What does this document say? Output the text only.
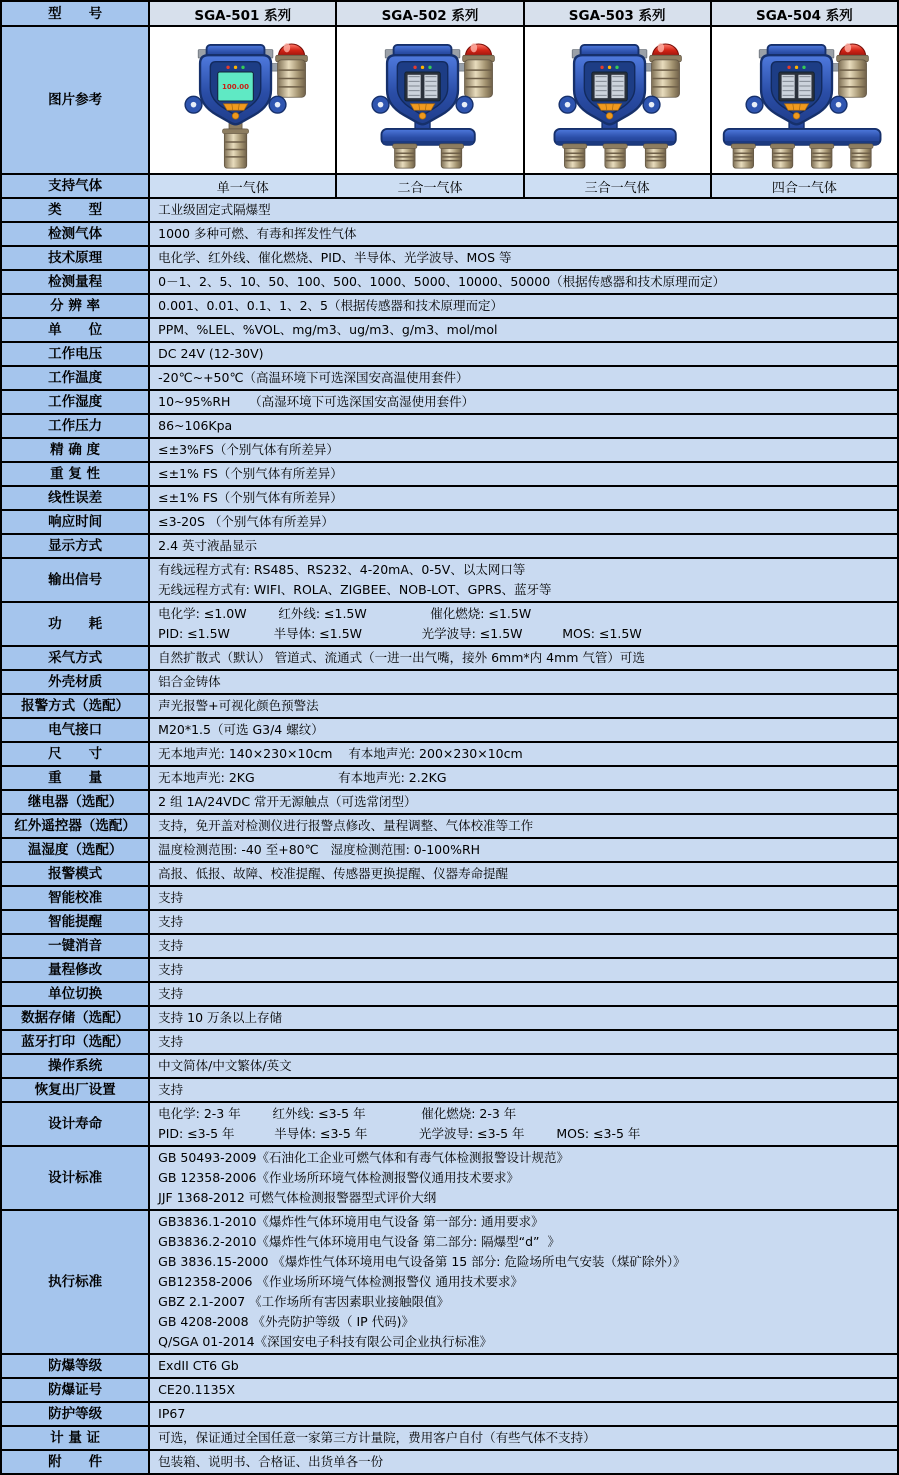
型　　号	SGA-501 系列	SGA-502 系列	SGA-503 系列	SGA-504 系列
图片参考	100.00

支持气体	单一气体	二合一气体	三合一气体	四合一气体
类　　型	工业级固定式隔爆型			

检测气体	1000 多种可燃、有毒和挥发性气体			

技术原理	电化学、红外线、催化燃烧、PID、半导体、光学波导、MOS 等			

检测量程	0－1、2、5、10、50、100、500、1000、5000、10000、50000（根据传感器和技术原理而定）			

分 辨 率	0.001、0.01、0.1、1、2、5（根据传感器和技术原理而定）			

单　　位	PPM、%LEL、%VOL、mg/m3、ug/m3、g/m3、mol/mol			

工作电压	DC 24V (12-30V)			

工作温度	-20℃~+50℃（高温环境下可选深国安高温使用套件）			

工作湿度	10~95%RH　　（高湿环境下可选深国安高湿使用套件）			

工作压力	86~106Kpa			

精 确 度	≤±3%FS（个别气体有所差异）			

重 复 性	≤±1% FS（个别气体有所差异）			

线性误差	≤±1% FS（个别气体有所差异）			

响应时间	≤3-20S （个别气体有所差异）			

显示方式	2.4 英寸液晶显示			

输出信号	有线远程方式有: RS485、RS232、4-20mA、0-5V、以太网口等
无线远程方式有: WIFI、ROLA、ZIGBEE、NOB-LOT、GPRS、蓝牙等			

功　　耗	电化学: ≤1.0W        红外线: ≤1.5W                催化燃烧: ≤1.5W
PID: ≤1.5W           半导体: ≤1.5W               光学波导: ≤1.5W          MOS: ≤1.5W			

采气方式	自然扩散式（默认） 管道式、流通式（一进一出气嘴，接外 6mm*内 4mm 气管）可选			

外壳材质	铝合金铸体			

报警方式（选配）	声光报警+可视化颜色预警法			

电气接口	M20*1.5（可选 G3/4 螺纹）			

尺　　寸	无本地声光: 140×230×10cm    有本地声光: 200×230×10cm			

重　　量	无本地声光: 2KG                     有本地声光: 2.2KG			

继电器（选配）	2 组 1A/24VDC 常开无源触点（可选常闭型）			

红外遥控器（选配）	支持，免开盖对检测仪进行报警点修改、量程调整、气体校准等工作			

温湿度（选配）	温度检测范围: -40 至+80℃   湿度检测范围: 0-100%RH			

报警模式	高报、低报、故障、校准提醒、传感器更换提醒、仪器寿命提醒			

智能校准	支持			

智能提醒	支持			

一键消音	支持			

量程修改	支持			

单位切换	支持			

数据存储（选配）	支持 10 万条以上存储			

蓝牙打印（选配）	支持			

操作系统	中文简体/中文繁体/英文			

恢复出厂设置	支持			

设计寿命	电化学: 2-3 年        红外线: ≤3-5 年              催化燃烧: 2-3 年
PID: ≤3-5 年          半导体: ≤3-5 年             光学波导: ≤3-5 年        MOS: ≤3-5 年			

设计标准	GB 50493-2009《石油化工企业可燃气体和有毒气体检测报警设计规范》
GB 12358-2006《作业场所环境气体检测报警仪通用技术要求》
JJF 1368-2012 可燃气体检测报警器型式评价大纲			

执行标准	
GB3836.1-2010《爆炸性气体环境用电气设备 第一部分: 通用要求》
GB3836.2-2010《爆炸性气体环境用电气设备 第二部分: 隔爆型“d”  》
GB 3836.15-2000 《爆炸性气体环境用电气设备第 15 部分: 危险场所电气安装（煤矿除外）》
GB12358-2006 《作业场所环境气体检测报警仪 通用技术要求》
GBZ 2.1-2007 《工作场所有害因素职业接触限值》
GB 4208-2008 《外壳防护等级（ IP 代码)》
Q/SGA 01-2014《深国安电子科技有限公司企业执行标准》

防爆等级	ExdII CT6 Gb			

防爆证号	CE20.1135X			

防护等级	IP67			

计 量 证	可选，保证通过全国任意一家第三方计量院，费用客户自付（有些气体不支持）			

附　　件	包装箱、说明书、合格证、出货单各一份			
